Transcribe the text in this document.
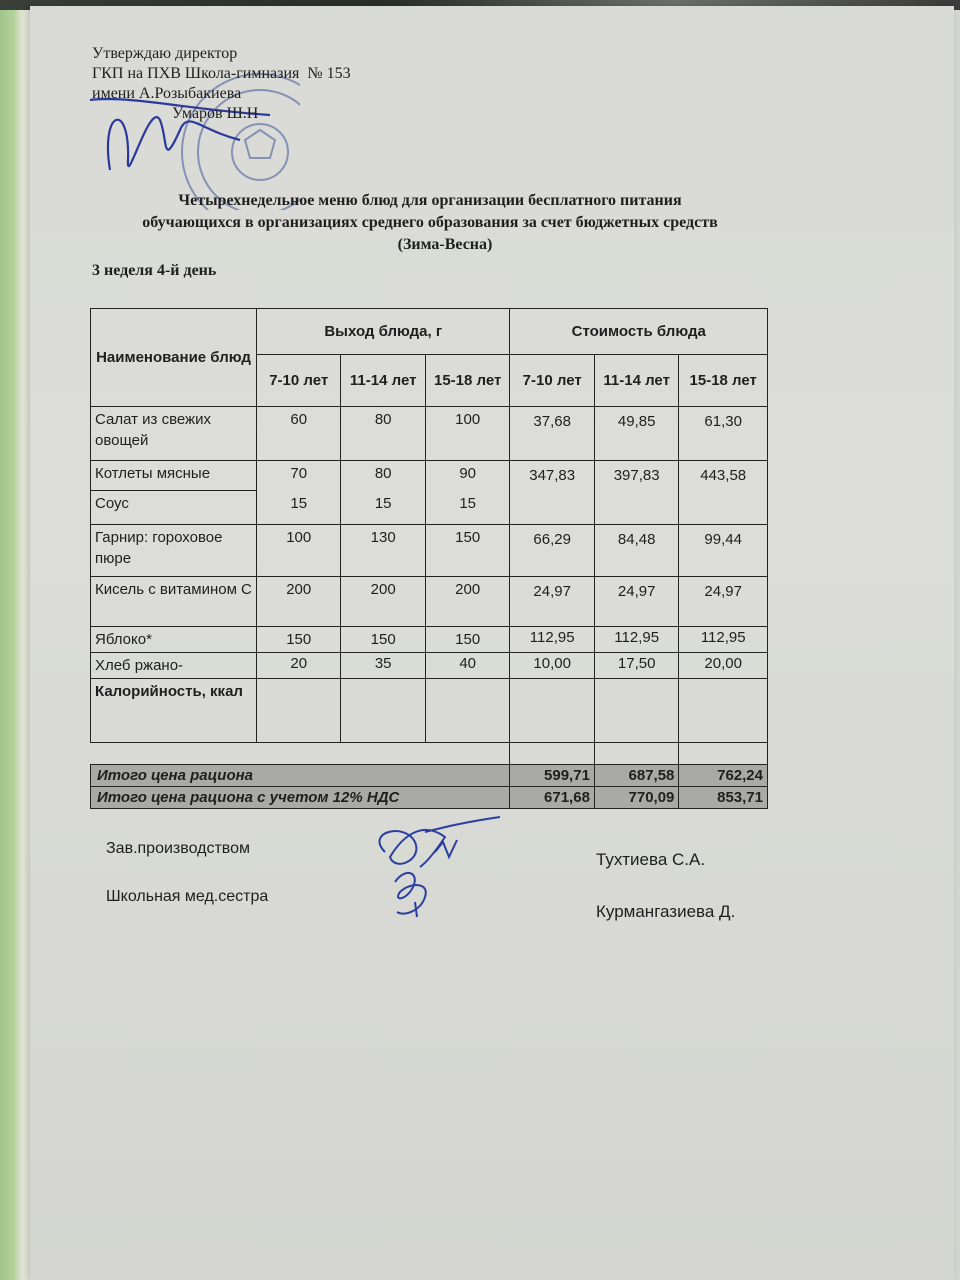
Утверждаю директор
ГКП на ПХВ Школа-гимназия  № 153
имени А.Розыбакиева
Умаров Ш.Н
Четырехнедельное меню блюд для организации бесплатного питания
обучающихся в организациях среднего образования за счет бюджетных средств
(Зима-Весна)
3 неделя 4-й день
Наименование блюд	Выход блюда, г			Стоимость блюда		
	7-10 лет	11-14 лет	15-18 лет	7-10 лет	11-14 лет	15-18 лет
Салат из свежих овощей	60	80	100	37,68	49,85	61,30
Котлеты мясные	70	80	90	347,83	397,83	443,58
Соус	15	15	15			
Гарнир: гороховое пюре	100	130	150	66,29	84,48	99,44
Кисель с витамином С	200	200	200	24,97	24,97	24,97
Яблоко*	150	150	150	112,95	112,95	112,95
Хлеб ржано-	20	35	40	10,00	17,50	20,00
Калорийность, ккал						

Итого цена рациона				599,71	687,58	762,24
Итого цена рациона с учетом 12% НДС				671,68	770,09	853,71
Зав.производством
Тухтиева С.А.
Школьная мед.сестра
Курмангазиева Д.
